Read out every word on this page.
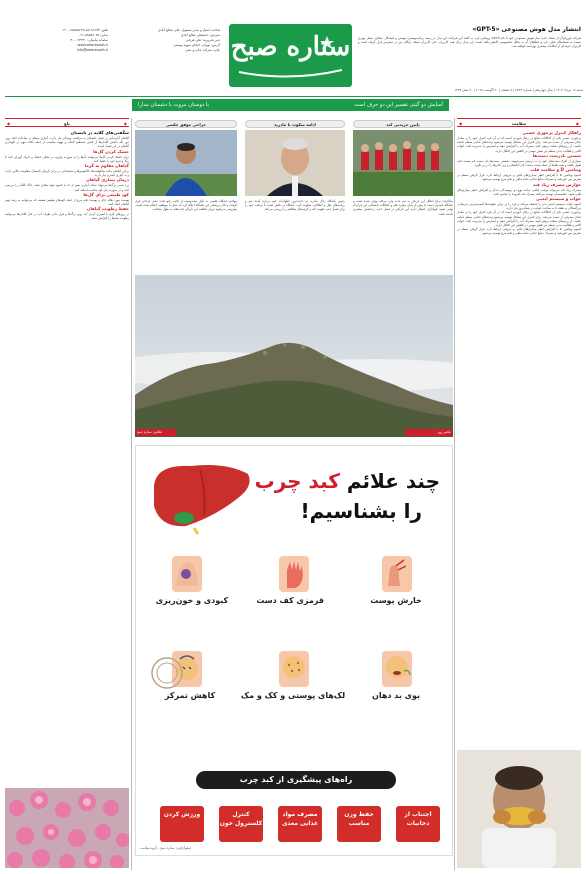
تلفن: ۸۸۱۹۱۶۷۴-۸۸۸۵۵۲۶۳ - ۰۲۱
نمابر: ۸۸۸۵۷۰۳۸-۰۲۱
سامانه پیامکی: ۳۰۰۰۲۳۳۳۰
www.setaresobh.ir
info@setaresobh.ir
صاحب امتیاز و مدیر مسئول: علی صالح آبادی
سردبیر: حسنعلی صالح آبادی
دبیر تحریریه: علی قربانی
آدرس: تهران، خیابان شهید بهشتی
چاپ: شرکت چاپ و نشر ستاره صبح
انتشار مدل هوش مصنوعی «GPT-5»
شرکت اوپن‌ای‌آی از نسخه جدید مدل هوش مصنوعی خود با نام GPT-5 رونمایی کرد. به گفته این شرکت، این مدل در زمینه برنامه‌نویسی، نوشتن و استدلال عملکرد بسیار بهتری نسبت به نسخه‌های قبلی دارد و خطاهای آن به شکل محسوسی کاهش یافته است. این مدل برای همه کاربران، حتی کاربران نسخه رایگان نیز در دسترس قرار گرفته است و کاربران حرفه‌ای از امکانات بیشتری بهره‌مند خواهند شد.
شنبه ۱۶ مرداد ۱۴۰۴ | سال چهاردهم | شماره ۴۷۶۳ | ۸ صفحه | ۲۰ آگوست ۲۰۲۵ | ۲۰ صفر ۱۴۴۷
آسایش دو گیتی تفسیر این دو حرف است
با دوستان مروت با دشمنان مدارا
◆
سلامت
◆
راهکار کنترل پرخوری عصبی
پرخوری عصبی یکی از اختلالات شایع در رفتار خوردن است که در آن فرد کنترل خود را بر مقدار غذای مصرفی از دست می‌دهد. برای کنترل این مشکل توصیه می‌شود وعده‌های غذایی منظم داشته باشید، از رژیم‌های سخت پرهیز کنید، مصرف آب را افزایش دهید و استرس را مدیریت کنید. خواب کافی و فعالیت بدنی منظم نیز نقش مهمی در کاهش این اختلال دارند.
شستن نادرست دست‌ها
بسیاری از افراد دست‌های خود را به درستی نمی‌شویند. شستن دست‌ها باید دست کم بیست ثانیه طول بکشد و همه نقاط از جمله پشت دست، لای انگشتان و زیر ناخن‌ها را در بر بگیرد.
ویتامین D و سلامت قلب
کمبود ویتامین D با افزایش خطر بیماری‌های قلبی و عروقی ارتباط دارد. قرار گرفتن منظم در معرض نور خورشید و مصرف منابع غذایی مانند ماهی و تخم مرغ توصیه می‌شود.
عوارض مصرف زیاد قند
مصرف زیاد قند می‌تواند موجب چاقی، دیابت نوع دو، پوسیدگی دندان و افزایش خطر بیماری‌های قلبی شود. متخصصان توصیه می‌کنند مصرف قند افزوده را محدود کنید.
خواب و سیستم ایمنی
کمبود خواب سیستم ایمنی بدن را ضعیف می‌کند و فرد را در برابر عفونت‌ها آسیب‌پذیرتر می‌سازد. بزرگسالان به هفت تا نه ساعت خواب در شبانه‌روز نیاز دارند.
پرخوری عصبی یکی از اختلالات شایع در رفتار خوردن است که در آن فرد کنترل خود را بر مقدار غذای مصرفی از دست می‌دهد. برای کنترل این مشکل توصیه می‌شود وعده‌های غذایی منظم داشته باشید، از رژیم‌های سخت پرهیز کنید، مصرف آب را افزایش دهید و استرس را مدیریت کنید. خواب کافی و فعالیت بدنی منظم نیز نقش مهمی در کاهش این اختلال دارند.
کمبود ویتامین D با افزایش خطر بیماری‌های قلبی و عروقی ارتباط دارد. قرار گرفتن منظم در معرض نور خورشید و مصرف منابع غذایی مانند ماهی و تخم مرغ توصیه می‌شود.
◆
باغ
◆
شگفتی‌های گلایه در تابستان
گیاهان آپارتمانی در فصل تابستان به مراقبت ویژه‌ای نیاز دارند. آبیاری منظم در ساعات خنک روز، دور نگه داشتن گلدان‌ها از تابش مستقیم آفتاب و تهویه مناسب از جمله نکات مهم در نگهداری گیاهان در این فصل است.
خشک کردن گل‌ها
برای خشک کردن گل‌ها می‌توانید آن‌ها را به صورت وارونه در محلی خشک و تاریک آویزان کنید تا رنگ و فرم خود را حفظ کنند.
گیاهان مقاوم به گرما
برخی گیاهان مانند ساکولنت‌ها، کاکتوس‌ها و شمعدانی در برابر گرمای تابستان مقاومت بالایی دارند و به آبیاری کمتری نیاز دارند.
درمان بیماری گیاهان
زرد شدن برگ‌ها می‌تواند نشانه آبیاری بیش از حد یا کمبود مواد مغذی باشد. خاک گلدان را بررسی کنید و در صورت نیاز کود مناسب اضافه کنید.
کود طبیعی برای گل‌ها
پوست موز، تفاله چای و پوست تخم مرغ از جمله کودهای طبیعی هستند که می‌توانند به رشد بهتر گیاهان کمک کنند.
حفظ رطوبت گیاهان
در روزهای گرم با اسپری کردن آب روی برگ‌ها و قرار دادن ظرف آب در کنار گلدان‌ها می‌توانید رطوبت محیط را افزایش دهید.
پایین خریدنی کند
مذاکرات برای انتقال این بازیکن به تیم جدید وارد مرحله نهایی شده است و باشگاه امیدوار است تا پیش از پایان پنجره نقل و انتقالات تابستانی این قرارداد نهایی شود. هواداران انتظار دارند این بازیکن در فصل جدید درخشش بیشتری داشته باشد.
ادامه سکوت تا مادرید
رئیس باشگاه رئال مادرید در جدیدترین اظهارات خود درباره آینده تیم و برنامه‌های نقل و انتقالاتی سکوت کرد. باشگاه در تلاش است تا ترکیب خود را برای فصل جدید تقویت کند و گزینه‌های مختلفی را بررسی می‌کند.
جراحی موفق چلسی
مهاجم باشگاه چلسی به دلیل مصدومیت از ناحیه زانو تحت عمل جراحی قرار گرفت و کادر پزشکی این باشگاه اعلام کرد که عمل با موفقیت انجام شده است. پیش‌بینی می‌شود دوران نقاهت این بازیکن چند هفته به طول بینجامد.
عکاس: ستاره صبح	عکس روز
چند علائم کبد چرب
را بشناسیم!
خارش پوست
قرمزی کف دست
کبودی و خون‌ریزی
بوی بد دهان
لک‌های پوستی و کک و مک
کاهش تمرکز
راه‌های پیشگیری از کبد چرب
اجتناب از دخانیات
حفظ وزن مناسب
مصرف مواد غذایی مغذی
کنترل کلسترول خون
ورزش کردن
اینفوگرافی: ستاره صبح - گروه سلامت
